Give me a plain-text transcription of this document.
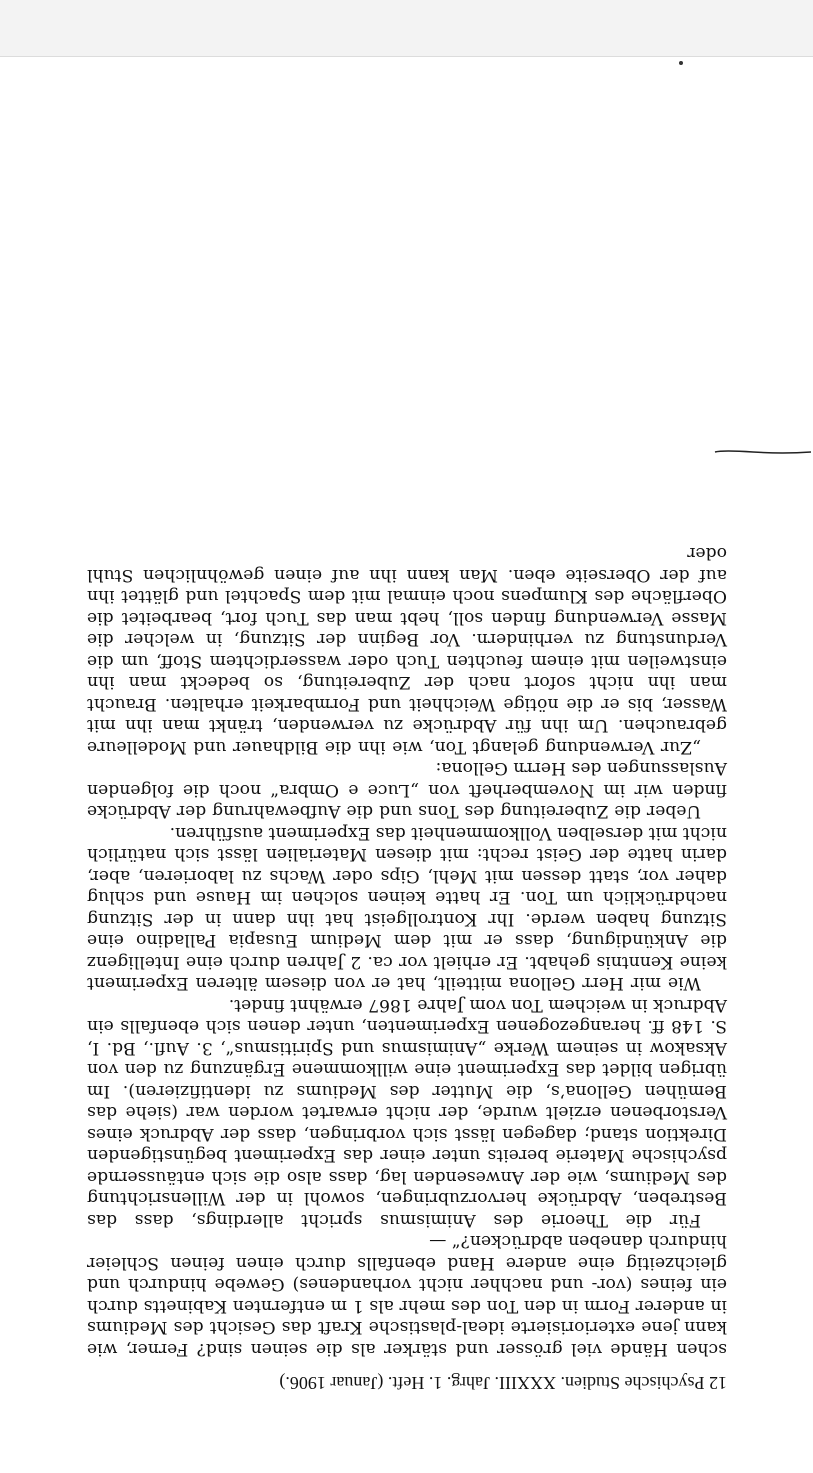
12 Psychische Studien. XXXIII. Jahrg. 1. Heft. (Januar 1906.)

schen Hände viel grösser und stärker als die seinen sind? Ferner, wie kann jene exteriorisierte ideal-plastische Kraft das Gesicht des Mediums in anderer Form in den Ton des mehr als 1 m entfernten Kabinetts durch ein feines (vor- und nachher nicht vorhandenes) Gewebe hindurch und gleichzeitig eine andere Hand ebenfalls durch einen feinen Schleier hindurch daneben abdrücken?“ —

Für die Theorie des Animismus spricht allerdings, dass das Bestreben, Abdrücke hervorzubringen, sowohl in der Willensrichtung des Mediums, wie der Anwesenden lag, dass also die sich entäussernde psychische Materie bereits unter einer das Experiment begünstigenden Direktion stand; dagegen lässt sich vorbringen, dass der Abdruck eines Verstorbenen erzielt wurde, der nicht erwartet worden war (siehe das Bemühen Gellona’s, die Mutter des Mediums zu identifizieren). Im übrigen bildet das Experiment eine willkommene Ergänzung zu den von Aksakow in seinem Werke „Animismus und Spiritismus“, 3. Aufl., Bd. I, S. 148 ff. herangezogenen Experimenten, unter denen sich ebenfalls ein Abdruck in weichem Ton vom Jahre 1867 erwähnt findet.

Wie mir Herr Gellona mitteilt, hat er von diesem älteren Experiment keine Kenntnis gehabt. Er erhielt vor ca. 2 Jahren durch eine Intelligenz die Ankündigung, dass er mit dem Medium Eusapia Palladino eine Sitzung haben werde. Ihr Kontrollgeist hat ihn dann in der Sitzung nachdrücklich um Ton. Er hatte keinen solchen im Hause und schlug daher vor, statt dessen mit Mehl, Gips oder Wachs zu laborieren, aber, darin hatte der Geist recht: mit diesen Materialien lässt sich natürlich nicht mit derselben Vollkommenheit das Experiment ausführen.

Ueber die Zubereitung des Tons und die Aufbewahrung der Abdrücke finden wir im Novemberheft von „Luce e Ombra“ noch die folgenden Auslassungen des Herrn Gellona:

„Zur Verwendung gelangt Ton, wie ihn die Bildhauer und Modelleure gebrauchen. Um ihn für Abdrücke zu verwenden, tränkt man ihn mit Wasser, bis er die nötige Weichheit und Formbarkeit erhalten. Braucht man ihn nicht sofort nach der Zubereitung, so bedeckt man ihn einstweilen mit einem feuchten Tuch oder wasserdichtem Stoff, um die Verdunstung zu verhindern. Vor Beginn der Sitzung, in welcher die Masse Verwendung finden soll, hebt man das Tuch fort, bearbeitet die Oberfläche des Klumpens noch einmal mit dem Spachtel und glättet ihn auf der Oberseite eben. Man kann ihn auf einen gewöhnlichen Stuhl oder
